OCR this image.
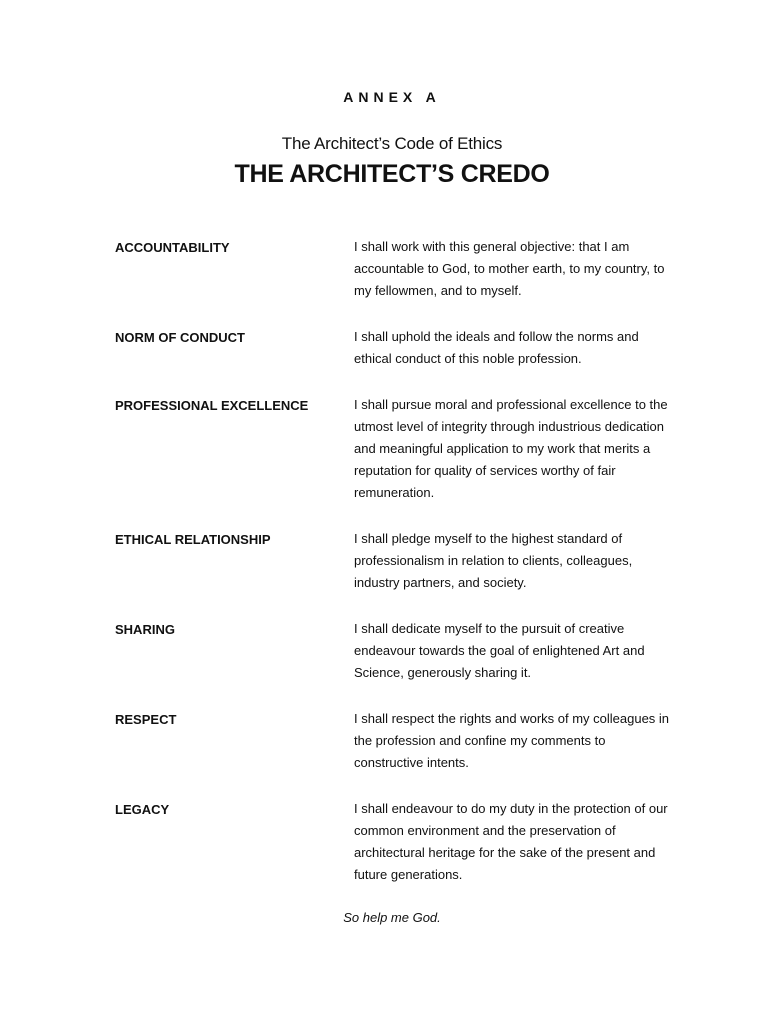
ANNEX A
The Architect’s Code of Ethics
THE ARCHITECT’S CREDO
ACCOUNTABILITY	I shall work with this general objective: that I am accountable to God, to mother earth, to my country, to my fellowmen, and to myself.
NORM OF CONDUCT	I shall uphold the ideals and follow the norms and ethical conduct of this noble profession.
PROFESSIONAL EXCELLENCE	I shall pursue moral and professional excellence to the utmost level of integrity through industrious dedication and meaningful application to my work that merits a reputation for quality of services worthy of fair remuneration.
ETHICAL RELATIONSHIP	I shall pledge myself to the highest standard of professionalism in relation to clients, colleagues, industry partners, and society.
SHARING	I shall dedicate myself to the pursuit of creative endeavour towards the goal of enlightened Art and Science, generously sharing it.
RESPECT	I shall respect the rights and works of my colleagues in the profession and confine my comments to constructive intents.
LEGACY	I shall endeavour to do my duty in the protection of our common environment and the preservation of architectural heritage for the sake of the present and future generations.
So help me God.
